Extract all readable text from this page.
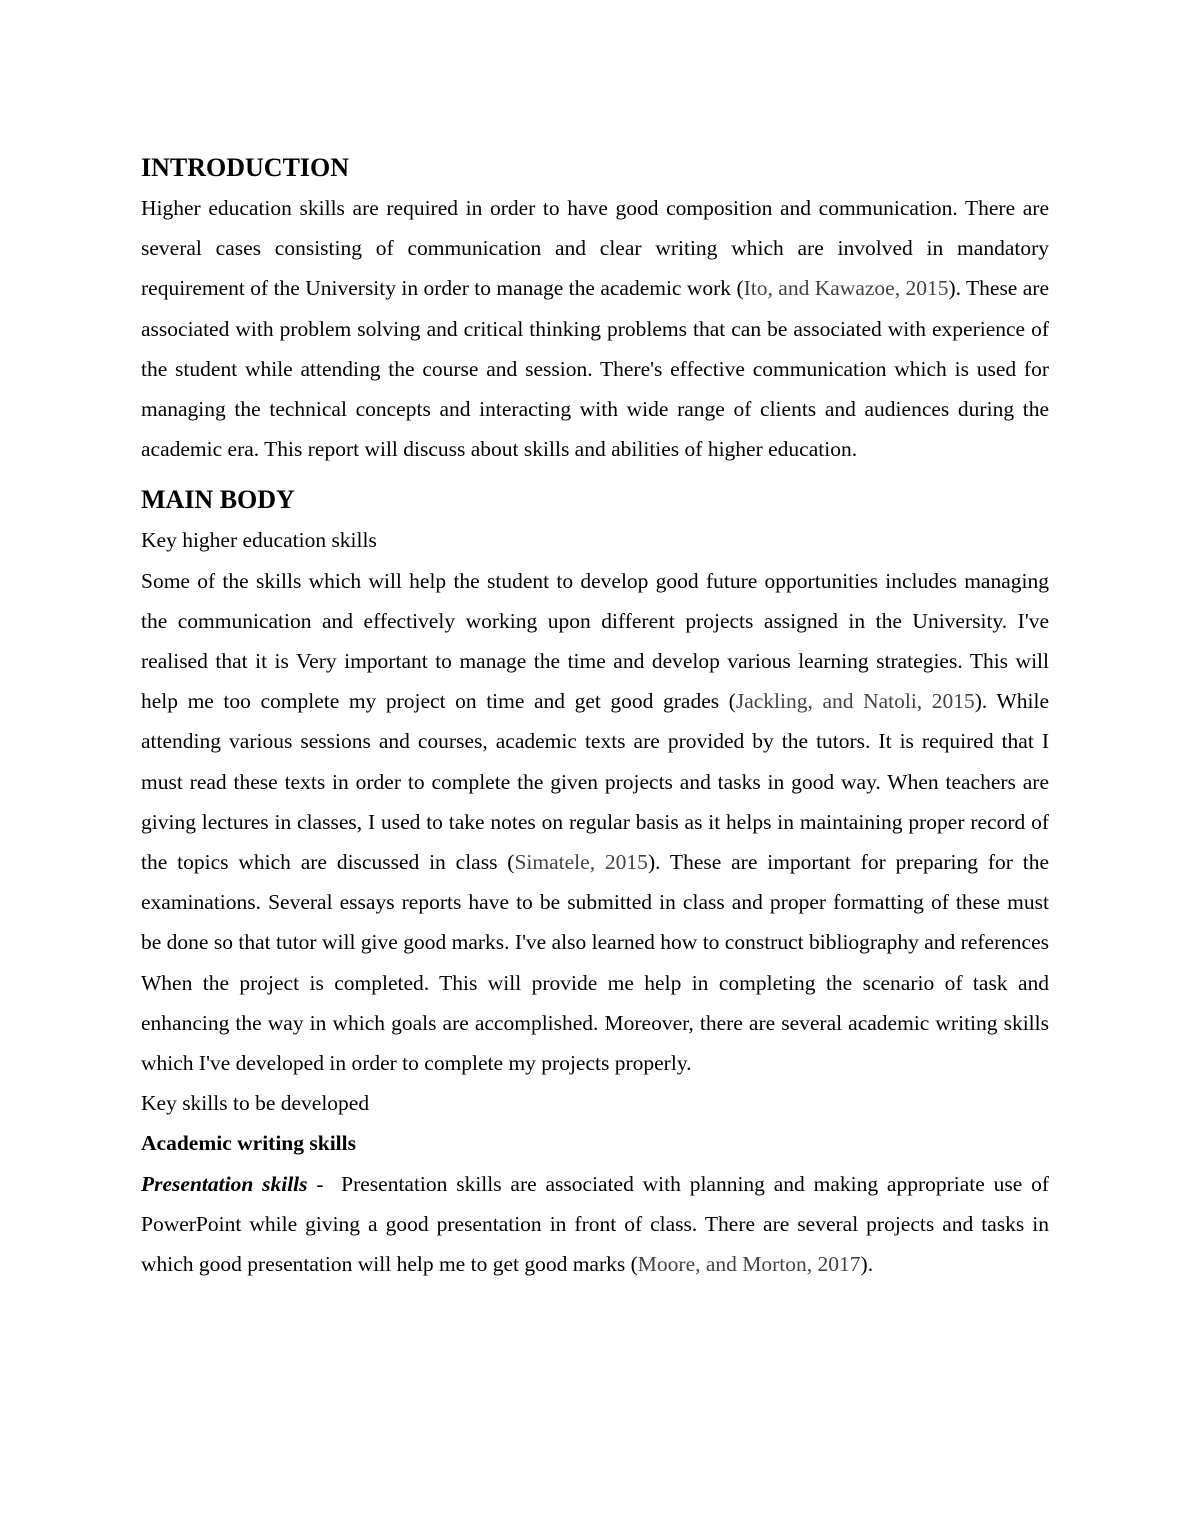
INTRODUCTION

Higher education skills are required in order to have good composition and communication. There are several cases consisting of communication and clear writing which are involved in mandatory requirement of the University in order to manage the academic work (Ito, and Kawazoe, 2015). These are associated with problem solving and critical thinking problems that can be associated with experience of the student while attending the course and session. There's effective communication which is used for managing the technical concepts and interacting with wide range of clients and audiences during the academic era. This report will discuss about skills and abilities of higher education.

MAIN BODY

Key higher education skills

Some of the skills which will help the student to develop good future opportunities includes managing the communication and effectively working upon different projects assigned in the University. I've realised that it is Very important to manage the time and develop various learning strategies. This will help me too complete my project on time and get good grades (Jackling, and Natoli, 2015). While attending various sessions and courses, academic texts are provided by the tutors. It is required that I must read these texts in order to complete the given projects and tasks in good way. When teachers are giving lectures in classes, I used to take notes on regular basis as it helps in maintaining proper record of the topics which are discussed in class (Simatele, 2015). These are important for preparing for the examinations. Several essays reports have to be submitted in class and proper formatting of these must be done so that tutor will give good marks. I've also learned how to construct bibliography and references When the project is completed. This will provide me help in completing the scenario of task and enhancing the way in which goals are accomplished. Moreover, there are several academic writing skills which I've developed in order to complete my projects properly.

Key skills to be developed

Academic writing skills

Presentation skills -  Presentation skills are associated with planning and making appropriate use of PowerPoint while giving a good presentation in front of class. There are several projects and tasks in which good presentation will help me to get good marks (Moore, and Morton, 2017).
